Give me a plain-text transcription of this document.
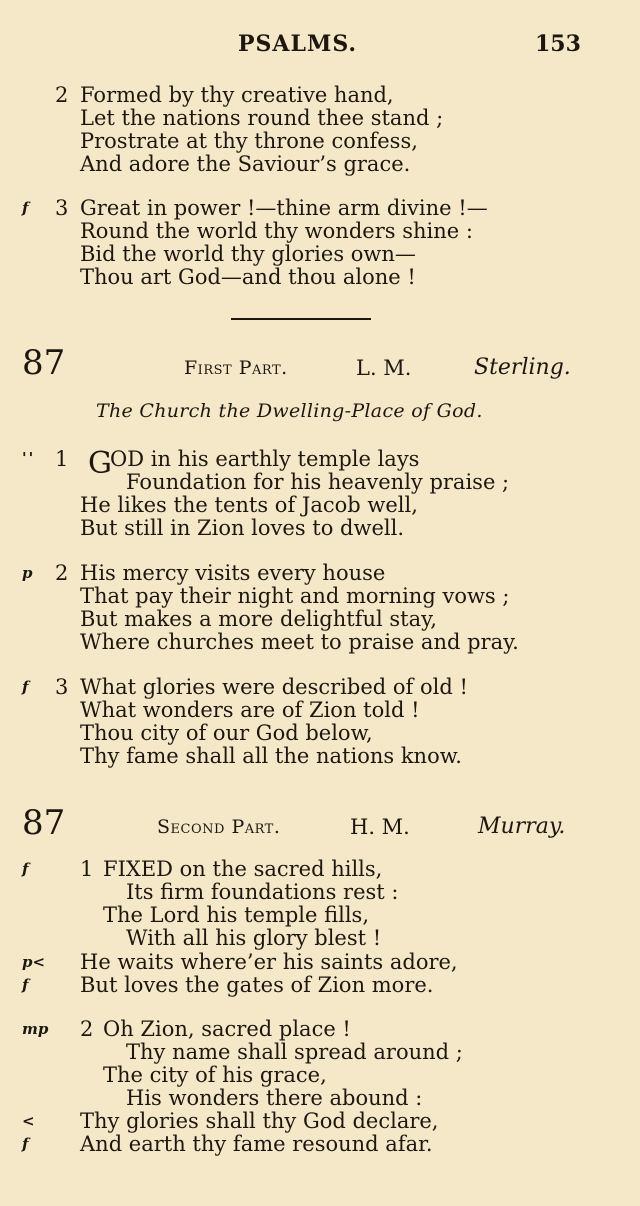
PSALMS.	153
2 Formed by thy creative hand,
Let the nations round thee stand ;
Prostrate at thy throne confess,
And adore the Saviour’s grace.
f 3 Great in power !—thine arm divine !—
Round the world thy wonders shine :
Bid the world thy glories own—
Thou art God—and thou alone !
87	First Part.	L. M.	Sterling.
The Church the Dwelling-Place of God.
'' 1 G
OD in his earthly temple lays
Foundation for his heavenly praise ;
He likes the tents of Jacob well,
But still in Zion loves to dwell.
p 2 His mercy visits every house
That pay their night and morning vows ;
But makes a more delightful stay,
Where churches meet to praise and pray.
f 3 What glories were described of old !
What wonders are of Zion told !
Thou city of our God below,
Thy fame shall all the nations know.
87	Second Part.	H. M.	Murray.
f 1 FIXED on the sacred hills,
Its firm foundations rest :
The Lord his temple fills,
With all his glory blest !
p< He waits where’er his saints adore,
f But loves the gates of Zion more.
mp 2 Oh Zion, sacred place !
Thy name shall spread around ;
The city of his grace,
His wonders there abound :
< Thy glories shall thy God declare,
f And earth thy fame resound afar.
